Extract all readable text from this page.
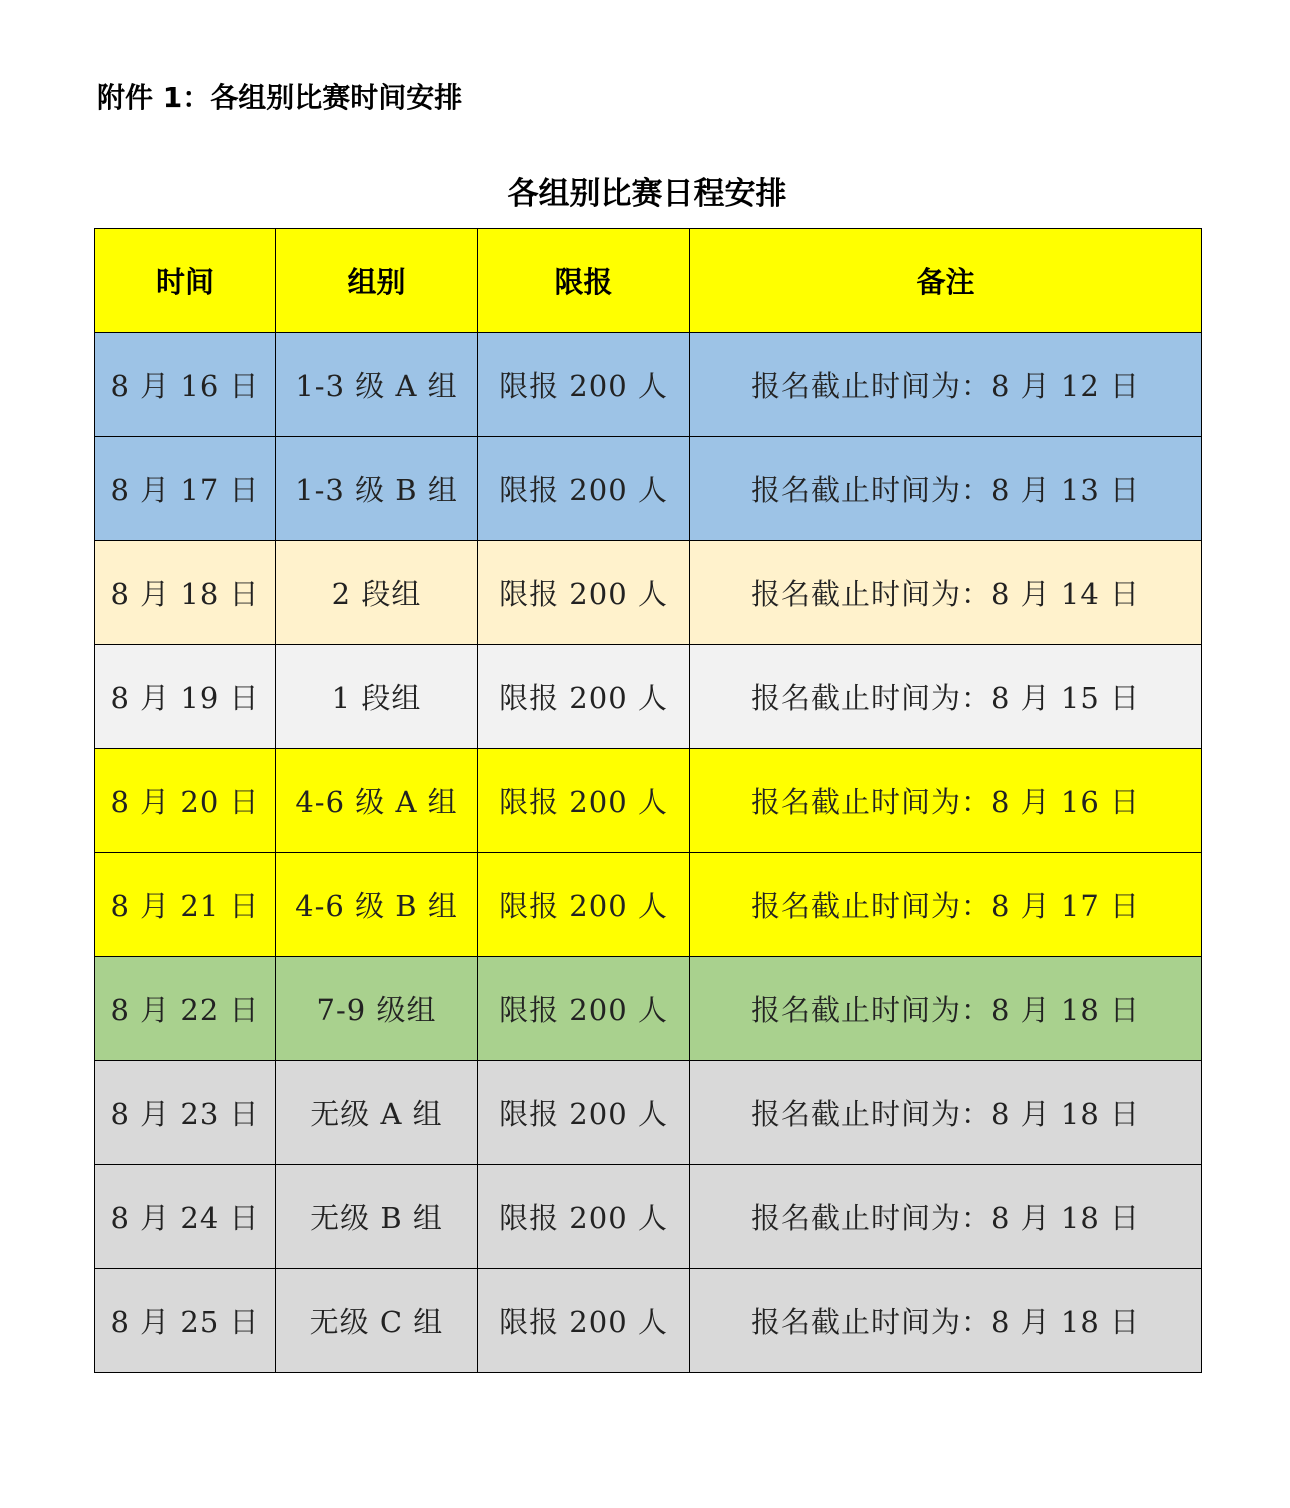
附件 1：各组别比赛时间安排
各组别比赛日程安排
时间	组别	限报	备注
8 月 16 日	1-3 级 A 组	限报 200 人	报名截止时间为：8 月 12 日
8 月 17 日	1-3 级 B 组	限报 200 人	报名截止时间为：8 月 13 日
8 月 18 日	2 段组	限报 200 人	报名截止时间为：8 月 14 日
8 月 19 日	1 段组	限报 200 人	报名截止时间为：8 月 15 日
8 月 20 日	4-6 级 A 组	限报 200 人	报名截止时间为：8 月 16 日
8 月 21 日	4-6 级 B 组	限报 200 人	报名截止时间为：8 月 17 日
8 月 22 日	7-9 级组	限报 200 人	报名截止时间为：8 月 18 日
8 月 23 日	无级 A 组	限报 200 人	报名截止时间为：8 月 18 日
8 月 24 日	无级 B 组	限报 200 人	报名截止时间为：8 月 18 日
8 月 25 日	无级 C 组	限报 200 人	报名截止时间为：8 月 18 日
